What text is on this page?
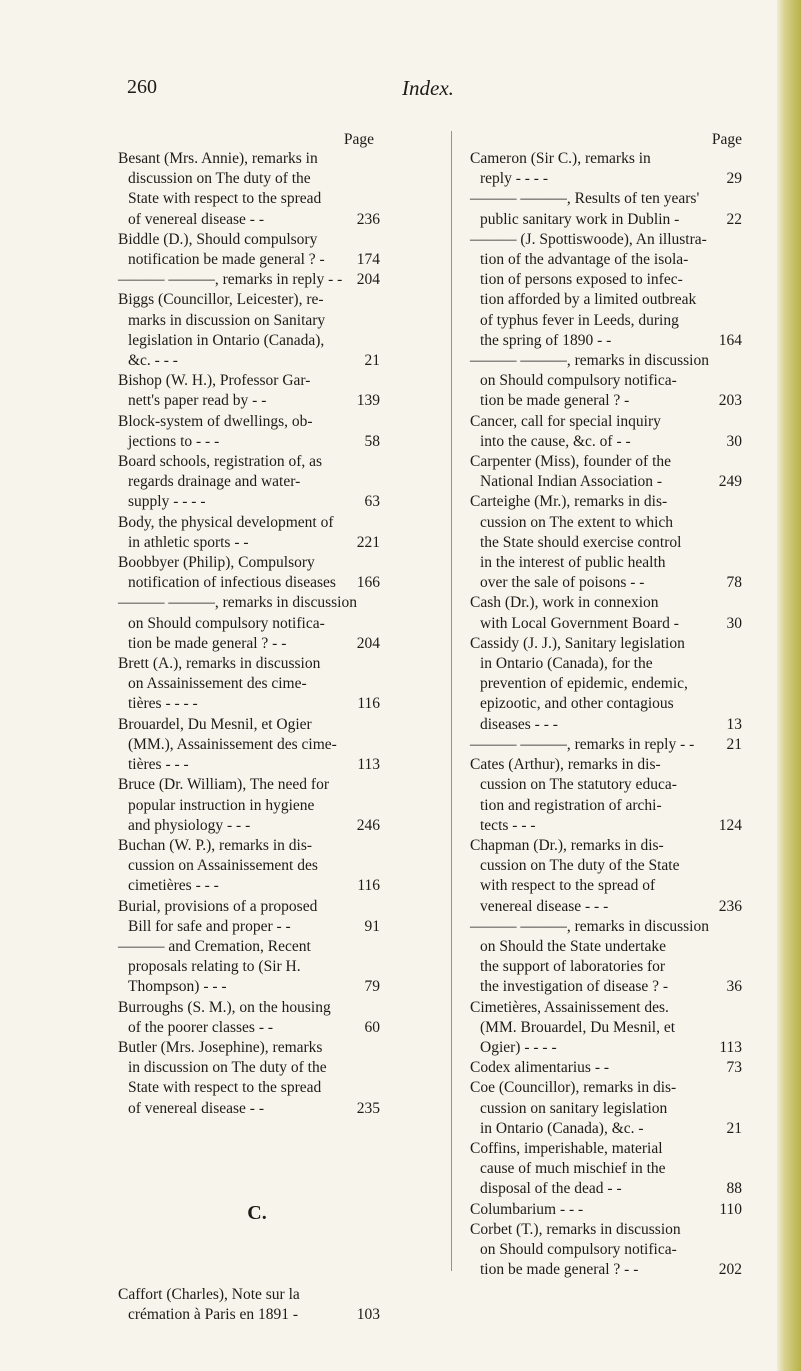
260	Index.
Page
Besant (Mrs. Annie), remarks in
discussion on The duty of the
State with respect to the spread
of venereal disease - -	236
Biddle (D.), Should compulsory
notification be made general ? -	174
——— ———, remarks in reply - - 204
Biggs (Councillor, Leicester), re-
marks in discussion on Sanitary
legislation in Ontario (Canada),
&c. - - -	21
Bishop (W. H.), Professor Gar-
nett's paper read by - -	139
Block-system of dwellings, ob-
jections to - - -	58
Board schools, registration of, as
regards drainage and water-
supply - - - -	63
Body, the physical development of
in athletic sports - -	221
Boobbyer (Philip), Compulsory
notification of infectious diseases	166
——— ———, remarks in discussion
on Should compulsory notifica-
tion be made general ? - -	204
Brett (A.), remarks in discussion
on Assainissement des cime-
tières - - - -	116
Brouardel, Du Mesnil, et Ogier
(MM.), Assainissement des cime-
tières - - -	113
Bruce (Dr. William), The need for
popular instruction in hygiene
and physiology - - -	246
Buchan (W. P.), remarks in dis-
cussion on Assainissement des
cimetières - - -	116
Burial, provisions of a proposed
Bill for safe and proper - -	91
——— and Cremation, Recent
proposals relating to (Sir H.
Thompson) - - -	79
Burroughs (S. M.), on the housing
of the poorer classes - -	60
Butler (Mrs. Josephine), remarks
in discussion on The duty of the
State with respect to the spread
of venereal disease - -	235
C.
Caffort (Charles), Note sur la
crémation à Paris en 1891 -	103
Page
Cameron (Sir C.), remarks in
reply - - - -	29
——— ———, Results of ten years'
public sanitary work in Dublin -	22
——— (J. Spottiswoode), An illustra-
tion of the advantage of the isola-
tion of persons exposed to infec-
tion afforded by a limited outbreak
of typhus fever in Leeds, during
the spring of 1890 - -	164
——— ———, remarks in discussion
on Should compulsory notifica-
tion be made general ? -	203
Cancer, call for special inquiry
into the cause, &c. of - -	30
Carpenter (Miss), founder of the
National Indian Association -	249
Carteighe (Mr.), remarks in dis-
cussion on The extent to which
the State should exercise control
in the interest of public health
over the sale of poisons - -	78
Cash (Dr.), work in connexion
with Local Government Board -	30
Cassidy (J. J.), Sanitary legislation
in Ontario (Canada), for the
prevention of epidemic, endemic,
epizootic, and other contagious
diseases - - -	13
——— ———, remarks in reply - -	21
Cates (Arthur), remarks in dis-
cussion on The statutory educa-
tion and registration of archi-
tects - - -	124
Chapman (Dr.), remarks in dis-
cussion on The duty of the State
with respect to the spread of
venereal disease - - -	236
——— ———, remarks in discussion
on Should the State undertake
the support of laboratories for
the investigation of disease ? -	36
Cimetières, Assainissement des.
(MM. Brouardel, Du Mesnil, et
Ogier) - - - -	113
Codex alimentarius - -	73
Coe (Councillor), remarks in dis-
cussion on sanitary legislation
in Ontario (Canada), &c. -	21
Coffins, imperishable, material
cause of much mischief in the
disposal of the dead - -	88
Columbarium - - -	110
Corbet (T.), remarks in discussion
on Should compulsory notifica-
tion be made general ? - -	202
